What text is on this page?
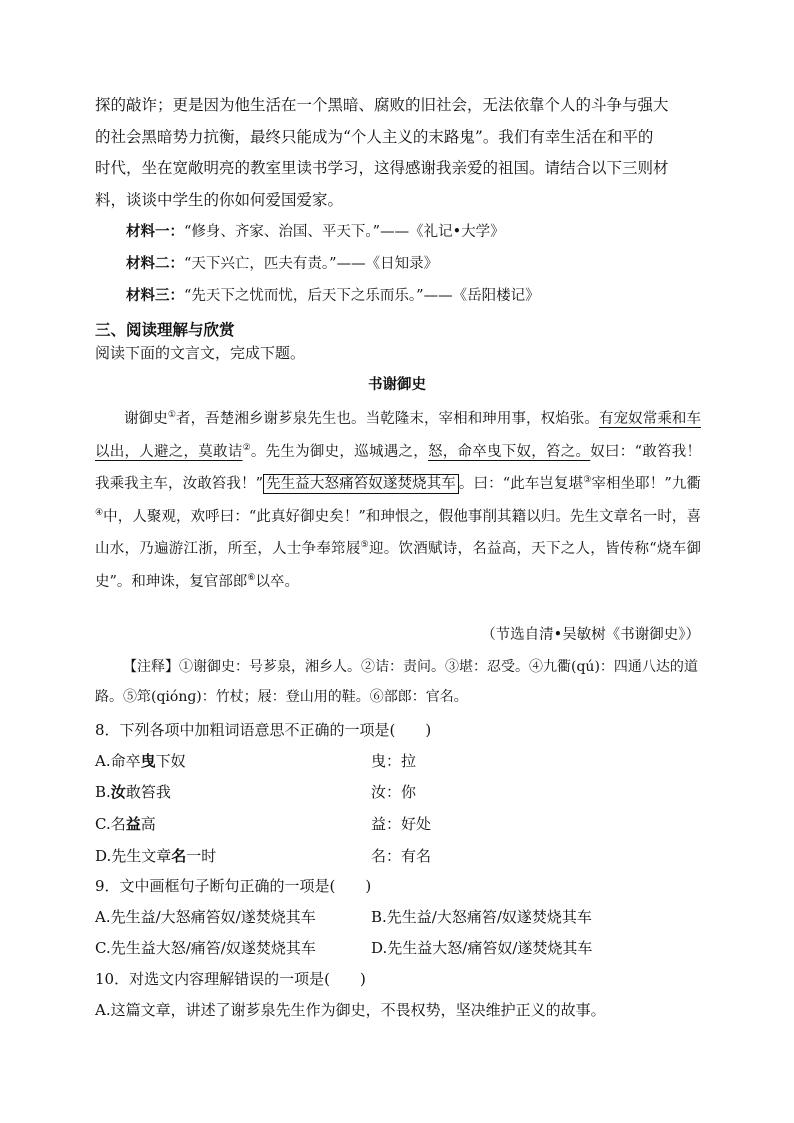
探的敲诈；更是因为他生活在一个黑暗、腐败的旧社会，无法依靠个人的斗争与强大
的社会黑暗势力抗衡，最终只能成为“个人主义的末路鬼”。我们有幸生活在和平的
时代，坐在宽敞明亮的教室里读书学习，这得感谢我亲爱的祖国。请结合以下三则材
料，谈谈中学生的你如何爱国爱家。
材料一：“修身、齐家、治国、平天下。”——《礼记•大学》
材料二：“天下兴亡，匹夫有责。”——《日知录》
材料三：“先天下之忧而忧，后天下之乐而乐。”——《岳阳楼记》
三、阅读理解与欣赏
阅读下面的文言文，完成下题。
书谢御史
谢御史①者，吾楚湘乡谢芗泉先生也。当乾隆末，宰相和珅用事，权焰张。有宠奴常乘和车以出，人避之，莫敢诘②。先生为御史，巡城遇之，怒，命卒曳下奴，笞之。奴曰：“敢笞我！我乘我主车，汝敢笞我！” 先生益大怒痛笞奴遂焚烧其车 。曰：“此车岂复堪③宰相坐耶！”九衢④中，人聚观，欢呼曰：“此真好御史矣！”和珅恨之，假他事削其籍以归。先生文章名一时，喜山水，乃遍游江浙，所至，人士争奉筇屐⑤迎。饮酒赋诗，名益高，天下之人，皆传称“烧车御史”。和珅诛，复官部郎⑥以卒。
（节选自清•吴敏树《书谢御史》）
【注释】①谢御史：号芗泉，湘乡人。②诘：责问。③堪：忍受。④九衢(qú)：四通八达的道路。⑤筇(qiónɡ)：竹杖；屐：登山用的鞋。⑥部郎：官名。
8．下列各项中加粗词语意思不正确的一项是(　　)
A.命卒曳下奴	曳：拉
B.汝敢笞我	汝：你
C.名益高	益：好处
D.先生文章名一时	名：有名
9．文中画框句子断句正确的一项是(　　)
A.先生益/大怒痛笞奴/遂焚烧其车	B.先生益/大怒痛笞/奴遂焚烧其车
C.先生益大怒/痛笞/奴遂焚烧其车	D.先生益大怒/痛笞奴/遂焚烧其车
10．对选文内容理解错误的一项是(　　)
A.这篇文章，讲述了谢芗泉先生作为御史，不畏权势，坚决维护正义的故事。
